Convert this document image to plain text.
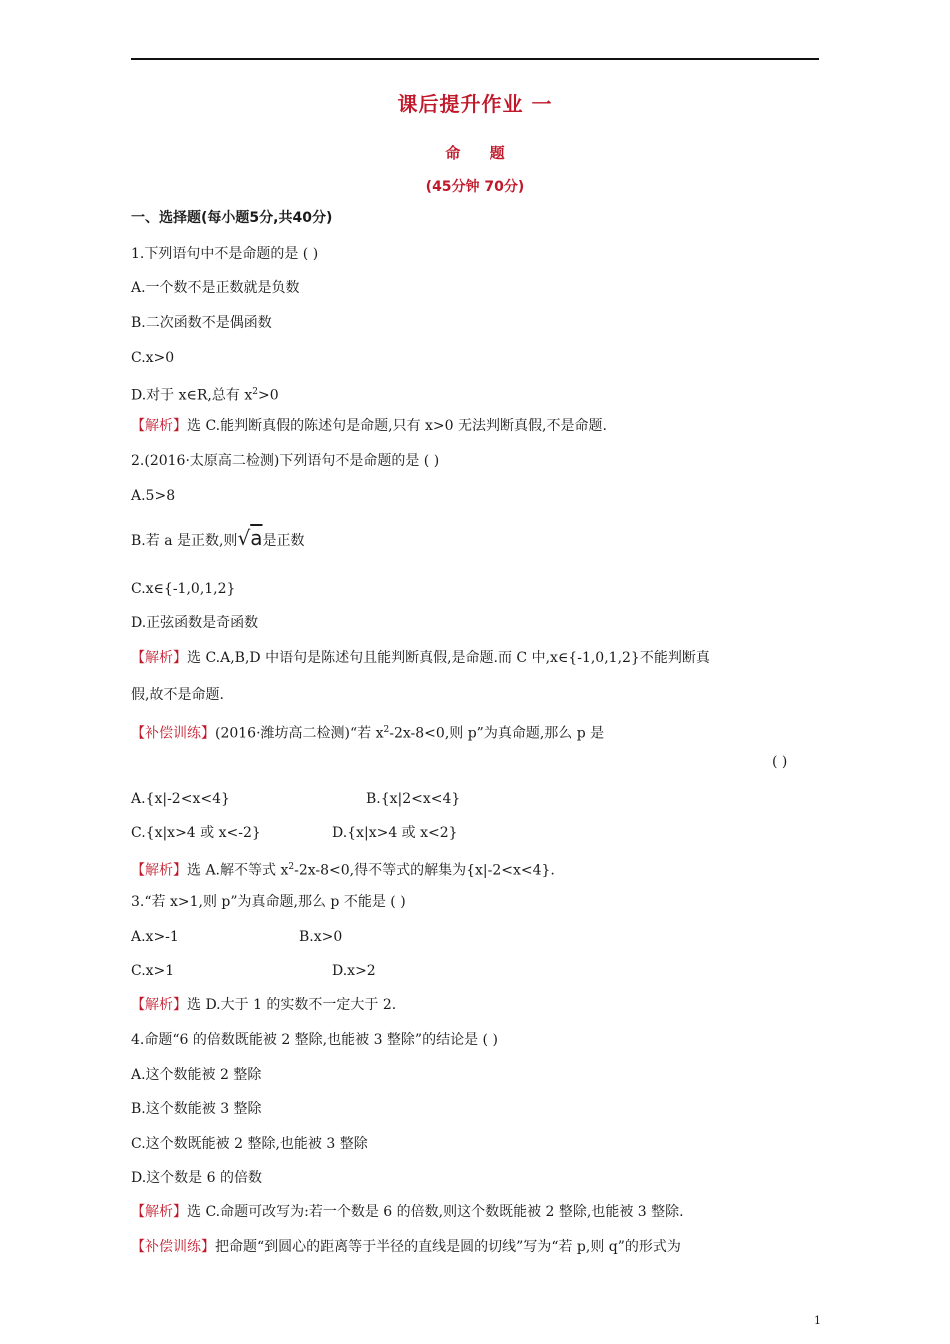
课后提升作业 一
命 题
(45分钟 70分)
一、选择题(每小题5分,共40分)
1.下列语句中不是命题的是 ( )
A.一个数不是正数就是负数
B.二次函数不是偶函数
C.x>0
D.对于 x∈R,总有 $x^2>0$
【解析】选 C.能判断真假的陈述句是命题,只有 x>0 无法判断真假,不是命题.
2.(2016·太原高二检测)下列语句不是命题的是 ( )
A.5>8
B.若 a 是正数,则√a是正数
C.x∈{-1,0,1,2}
D.正弦函数是奇函数
【解析】选 C.A,B,D 中语句是陈述句且能判断真假,是命题.而 C 中,x∈{-1,0,1,2}不能判断真
假,故不是命题.
【补偿训练】(2016·潍坊高二检测)“若 $x^2-2x-8<0$,则 p”为真命题,那么 p 是
( )
A.{x|-2<x<4}	B.{x|2<x<4}
C.{x|x>4 或 x<-2}	D.{x|x>4 或 x<2}
【解析】选 A.解不等式 $x^2-2x-8<0$,得不等式的解集为{x|-2<x<4}.
3.“若 x>1,则 p”为真命题,那么 p 不能是 ( )
A.x>-1	B.x>0
C.x>1	D.x>2
【解析】选 D.大于 1 的实数不一定大于 2.
4.命题“6 的倍数既能被 2 整除,也能被 3 整除”的结论是 ( )
A.这个数能被 2 整除
B.这个数能被 3 整除
C.这个数既能被 2 整除,也能被 3 整除
D.这个数是 6 的倍数
【解析】选 C.命题可改写为:若一个数是 6 的倍数,则这个数既能被 2 整除,也能被 3 整除.
【补偿训练】把命题“到圆心的距离等于半径的直线是圆的切线”写为“若 p,则 q”的形式为
1
